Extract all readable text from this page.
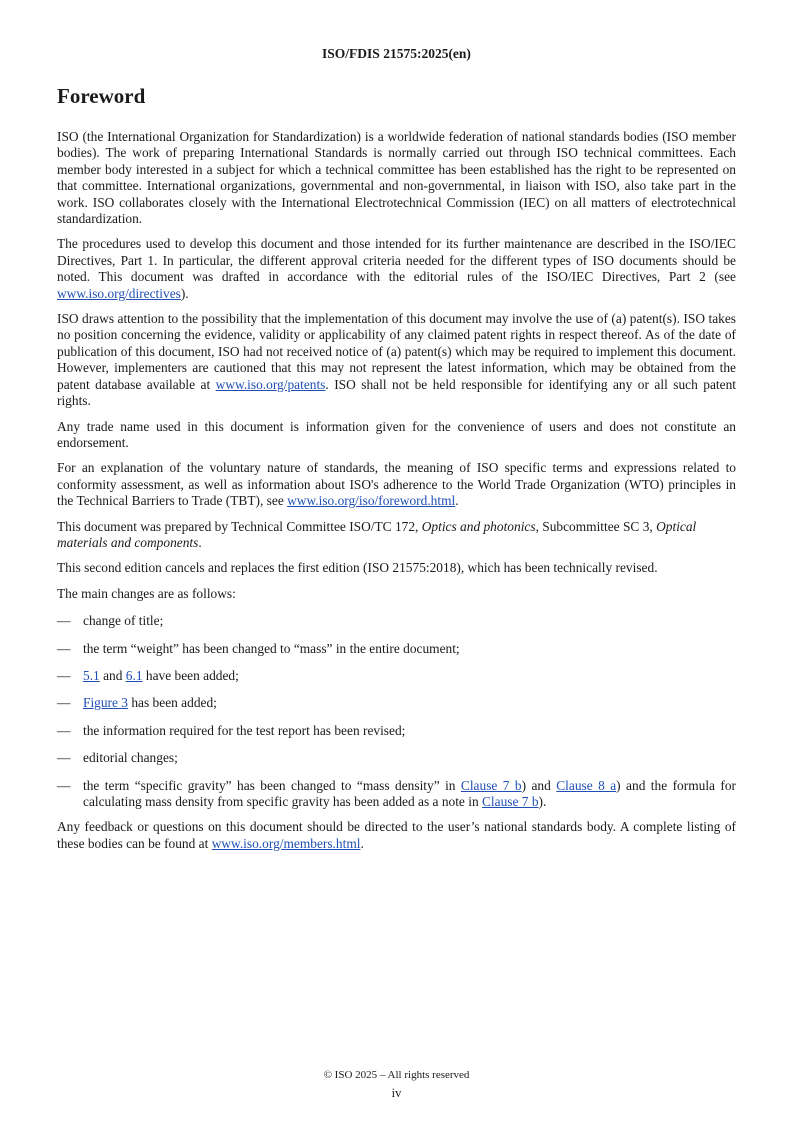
ISO/FDIS 21575:2025(en)
Foreword

ISO (the International Organization for Standardization) is a worldwide federation of national standards bodies (ISO member bodies). The work of preparing International Standards is normally carried out through ISO technical committees. Each member body interested in a subject for which a technical committee has been established has the right to be represented on that committee. International organizations, governmental and non-governmental, in liaison with ISO, also take part in the work. ISO collaborates closely with the International Electrotechnical Commission (IEC) on all matters of electrotechnical standardization.

The procedures used to develop this document and those intended for its further maintenance are described in the ISO/IEC Directives, Part 1. In particular, the different approval criteria needed for the different types of ISO documents should be noted. This document was drafted in accordance with the editorial rules of the ISO/IEC Directives, Part 2 (see www.iso.org/directives).

ISO draws attention to the possibility that the implementation of this document may involve the use of (a) patent(s). ISO takes no position concerning the evidence, validity or applicability of any claimed patent rights in respect thereof. As of the date of publication of this document, ISO had not received notice of (a) patent(s) which may be required to implement this document. However, implementers are cautioned that this may not represent the latest information, which may be obtained from the patent database available at www.iso.org/patents. ISO shall not be held responsible for identifying any or all such patent rights.

Any trade name used in this document is information given for the convenience of users and does not constitute an endorsement.

For an explanation of the voluntary nature of standards, the meaning of ISO specific terms and expressions related to conformity assessment, as well as information about ISO's adherence to the World Trade Organization (WTO) principles in the Technical Barriers to Trade (TBT), see www.iso.org/iso/foreword.html.

This document was prepared by Technical Committee ISO/TC 172, Optics and photonics, Subcommittee SC 3, Optical materials and components.

This second edition cancels and replaces the first edition (ISO 21575:2018), which has been technically revised.

The main changes are as follows:

— change of title;
— the term “weight” has been changed to “mass” in the entire document;
— 5.1 and 6.1 have been added;
— Figure 3 has been added;
— the information required for the test report has been revised;
— editorial changes;
— the term “specific gravity” has been changed to “mass density” in Clause 7 b) and Clause 8 a) and the formula for calculating mass density from specific gravity has been added as a note in Clause 7 b).

Any feedback or questions on this document should be directed to the user’s national standards body. A complete listing of these bodies can be found at www.iso.org/members.html.

© ISO 2025 – All rights reserved
iv
